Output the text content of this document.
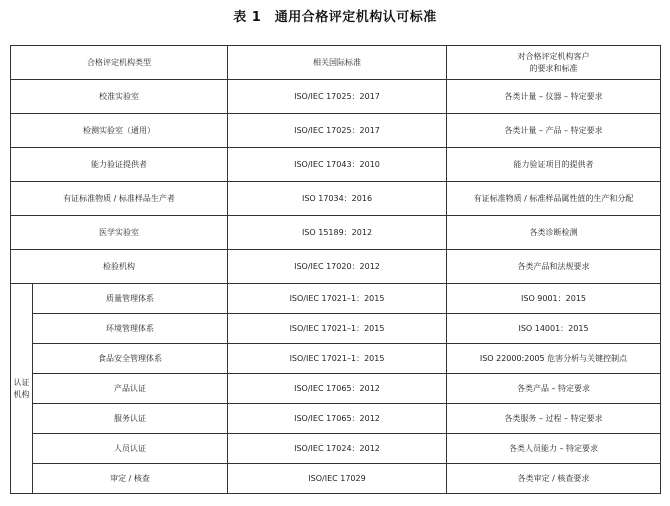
表 1　通用合格评定机构认可标准
合格评定机构类型		相关国际标准	对合格评定机构客户
的要求和标准

校准实验室		ISO/IEC 17025：2017	各类计量 – 仪器 – 特定要求
检测实验室（通用）		ISO/IEC 17025：2017	各类计量 – 产品 – 特定要求
能力验证提供者		ISO/IEC 17043：2010	能力验证项目的提供者
有证标准物质 / 标准样品生产者		ISO 17034：2016	有证标准物质 / 标准样品属性值的生产和分配
医学实验室		ISO 15189：2012	各类诊断检测
检验机构		ISO/IEC 17020：2012	各类产品和法规要求

认证
机构	质量管理体系	ISO/IEC 17021–1：2015	ISO 9001：2015
	环境管理体系	ISO/IEC 17021–1：2015	ISO 14001：2015
	食品安全管理体系	ISO/IEC 17021–1：2015	ISO 22000:2005 危害分析与关键控制点
	产品认证	ISO/IEC 17065：2012	各类产品 – 特定要求
	服务认证	ISO/IEC 17065：2012	各类服务 – 过程 – 特定要求
	人员认证	ISO/IEC 17024：2012	各类人员能力 – 特定要求
	审定 / 核查	ISO/IEC 17029	各类审定 / 核查要求
